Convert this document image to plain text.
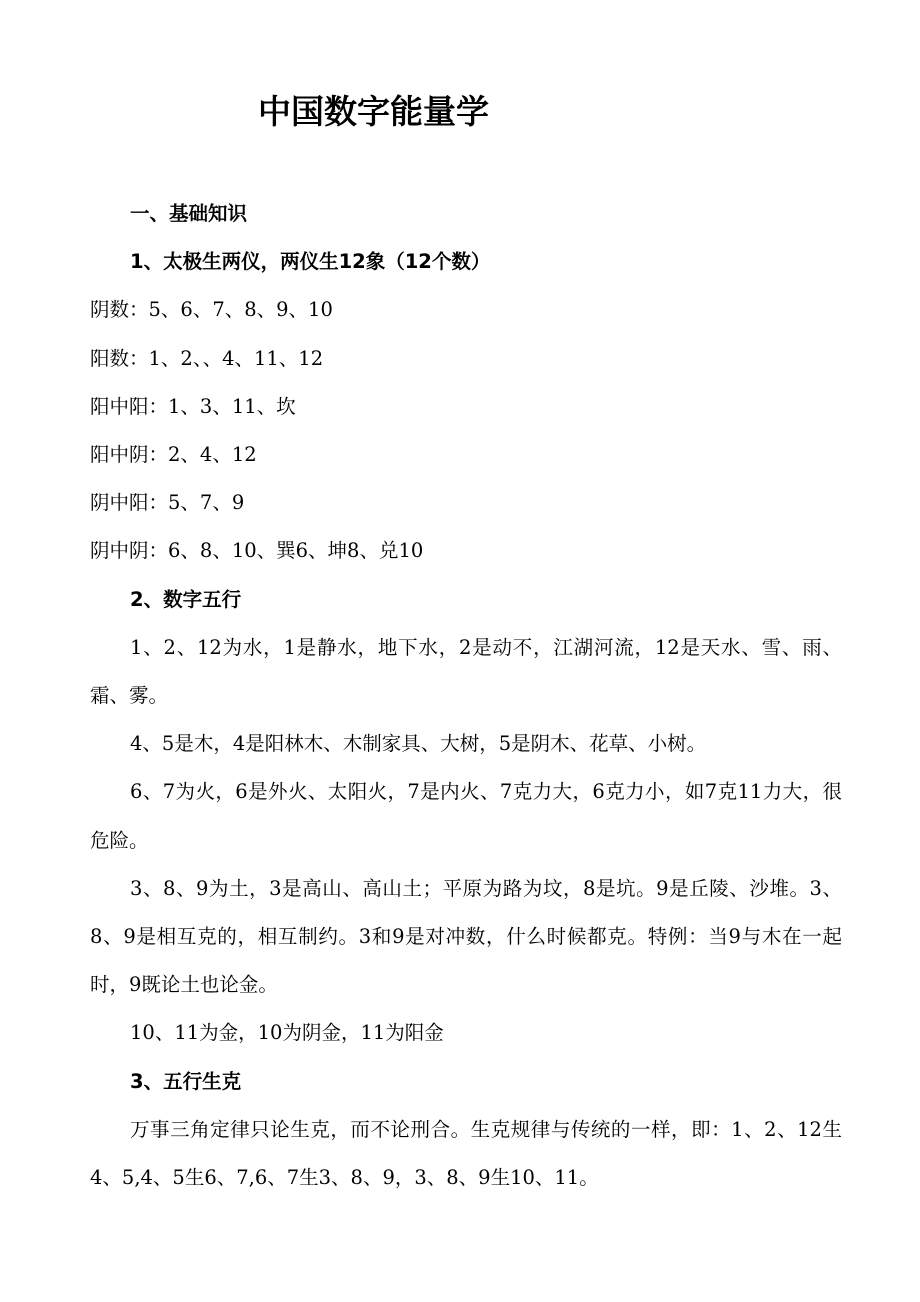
中国数字能量学

一、基础知识

1、太极生两仪，两仪生12象（12个数）

阴数：5、6、7、8、9、10

阳数：1、2、、4、11、12

阳中阳：1、3、11、坎

阳中阴：2、4、12

阴中阳：5、7、9

阴中阴：6、8、10、巽6、坤8、兑10

2、数字五行

1、2、12为水，1是静水，地下水，2是动不，江湖河流，12是天水、雪、雨、霜、雾。

4、5是木，4是阳林木、木制家具、大树，5是阴木、花草、小树。

6、7为火，6是外火、太阳火，7是内火、7克力大，6克力小，如7克11力大，很危险。

3、8、9为土，3是高山、高山土；平原为路为坟，8是坑。9是丘陵、沙堆。3、8、9是相互克的，相互制约。3和9是对冲数，什么时候都克。特例：当9与木在一起时，9既论土也论金。

10、11为金，10为阴金，11为阳金

3、五行生克

万事三角定律只论生克，而不论刑合。生克规律与传统的一样，即：1、2、12生4、5,4、5生6、7,6、7生3、8、9，3、8、9生10、11。
